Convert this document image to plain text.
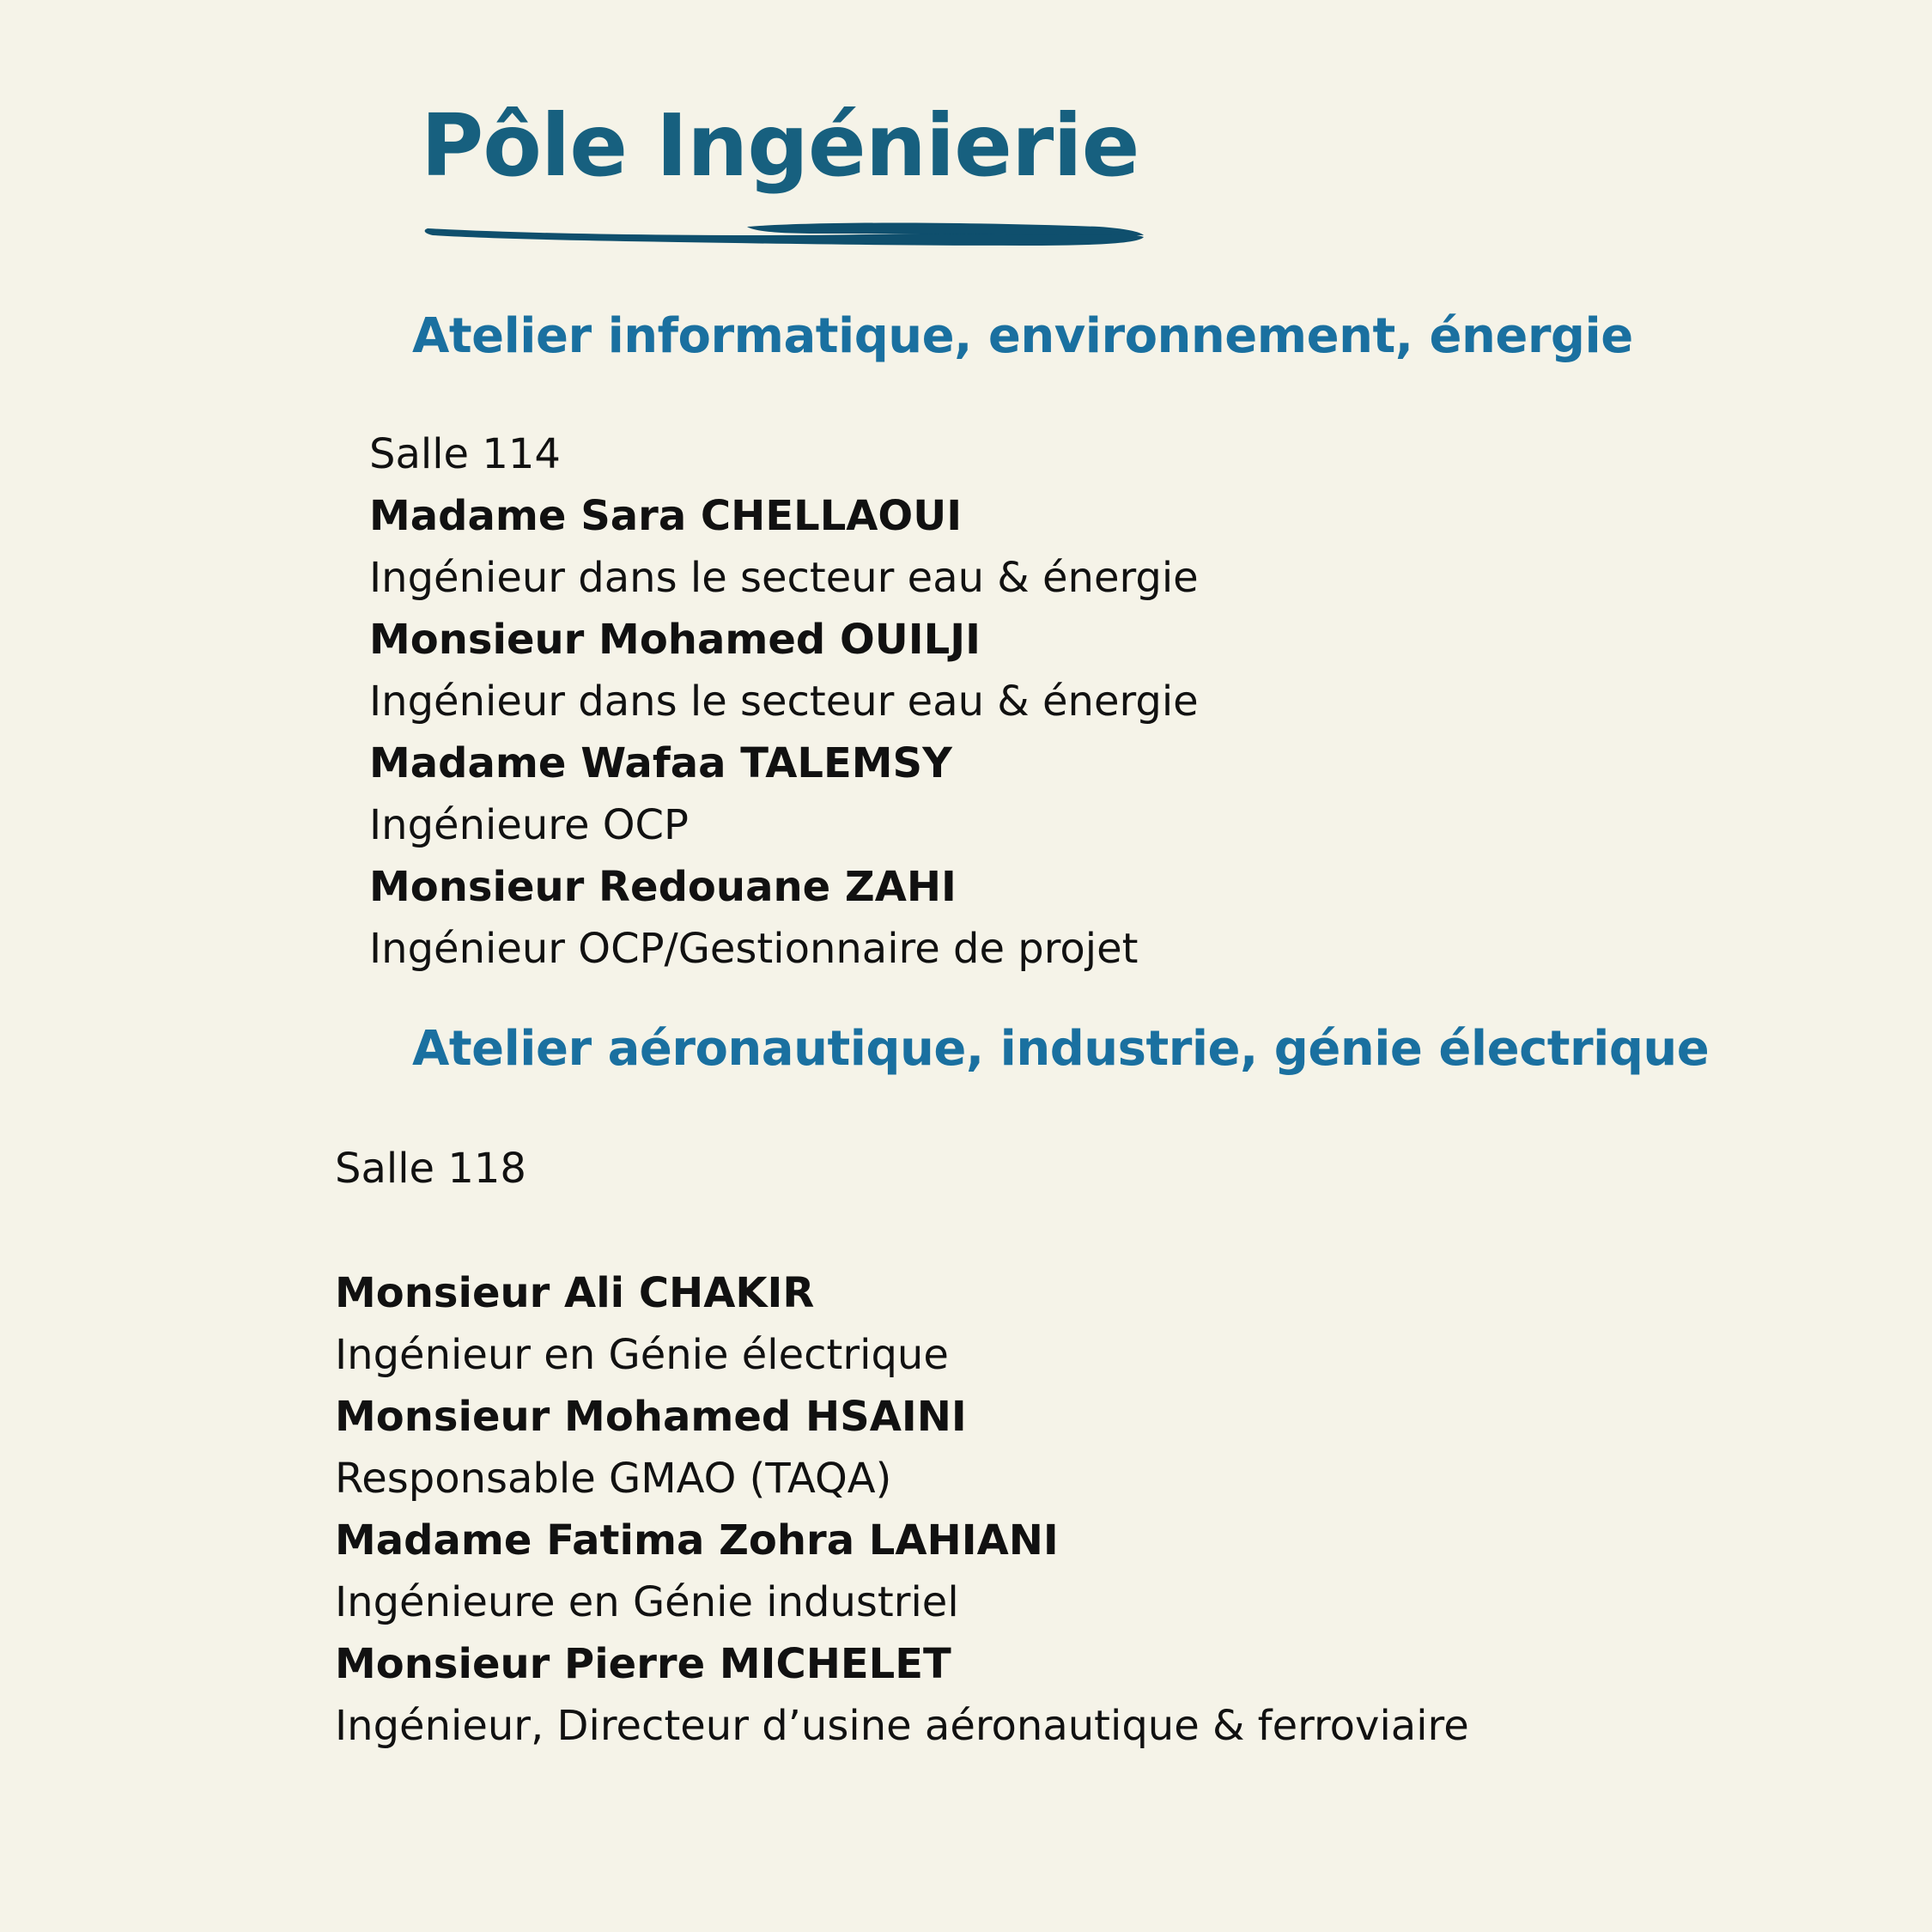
Pôle Ingénierie
Atelier informatique, environnement, énergie
Salle 114
Madame Sara CHELLAOUI
Ingénieur dans le secteur eau & énergie
Monsieur Mohamed OUILJI
Ingénieur dans le secteur eau & énergie
Madame Wafaa TALEMSY
Ingénieure OCP
Monsieur Redouane ZAHI
Ingénieur OCP/Gestionnaire de projet
Atelier aéronautique, industrie, génie électrique
Salle 118
Monsieur Ali CHAKIR
Ingénieur en Génie électrique
Monsieur Mohamed HSAINI
Responsable GMAO (TAQA)
Madame Fatima Zohra LAHIANI
Ingénieure en Génie industriel
Monsieur Pierre MICHELET
Ingénieur, Directeur d’usine aéronautique & ferroviaire
